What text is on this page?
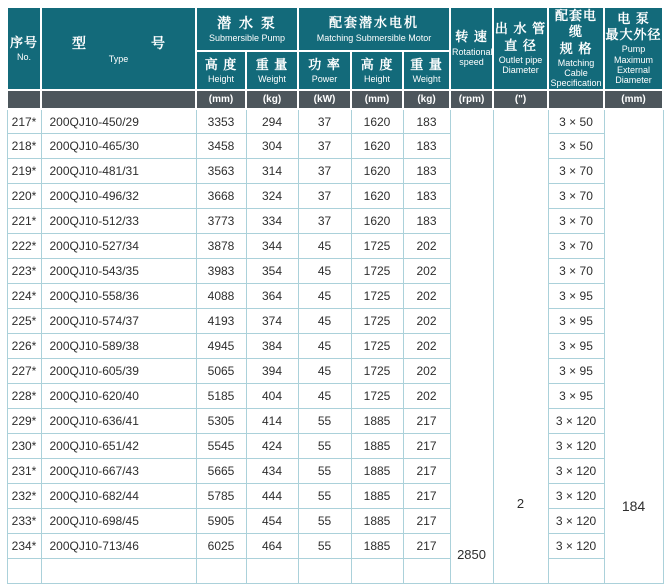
序号
No.	型 号
Type	潜 水 泵
Submersible Pump		配套潜水电机
Matching Submersible Motor			转 速
Rotational speed	出 水 管
直 径
Outlet pipe Diameter	配套电缆
规 格
Matching Cable Specification	电 泵
最大外径
Pump Maximum External Diameter

		高 度
Height	重 量
Weight	功 率
Power	高 度
Height	重 量
Weight				

		(mm)	(kg)	(kW)	(mm)	(kg)	(rpm)	(")		(mm)
217*	200QJ10-450/29	3353	294	37	1620	183	2850	2	3 × 50	184

218*	200QJ10-465/30	3458	304	37	1620	183			3 × 50	
219*	200QJ10-481/31	3563	314	37	1620	183			3 × 70	
220*	200QJ10-496/32	3668	324	37	1620	183			3 × 70	
221*	200QJ10-512/33	3773	334	37	1620	183			3 × 70	
222*	200QJ10-527/34	3878	344	45	1725	202			3 × 70	
223*	200QJ10-543/35	3983	354	45	1725	202			3 × 70	
224*	200QJ10-558/36	4088	364	45	1725	202			3 × 95	
225*	200QJ10-574/37	4193	374	45	1725	202			3 × 95	
226*	200QJ10-589/38	4945	384	45	1725	202			3 × 95	
227*	200QJ10-605/39	5065	394	45	1725	202			3 × 95	
228*	200QJ10-620/40	5185	404	45	1725	202			3 × 95	
229*	200QJ10-636/41	5305	414	55	1885	217			3 × 120	
230*	200QJ10-651/42	5545	424	55	1885	217			3 × 120	
231*	200QJ10-667/43	5665	434	55	1885	217			3 × 120	
232*	200QJ10-682/44	5785	444	55	1885	217			3 × 120	
233*	200QJ10-698/45	5905	454	55	1885	217			3 × 120	
234*	200QJ10-713/46	6025	464	55	1885	217			3 × 120	
